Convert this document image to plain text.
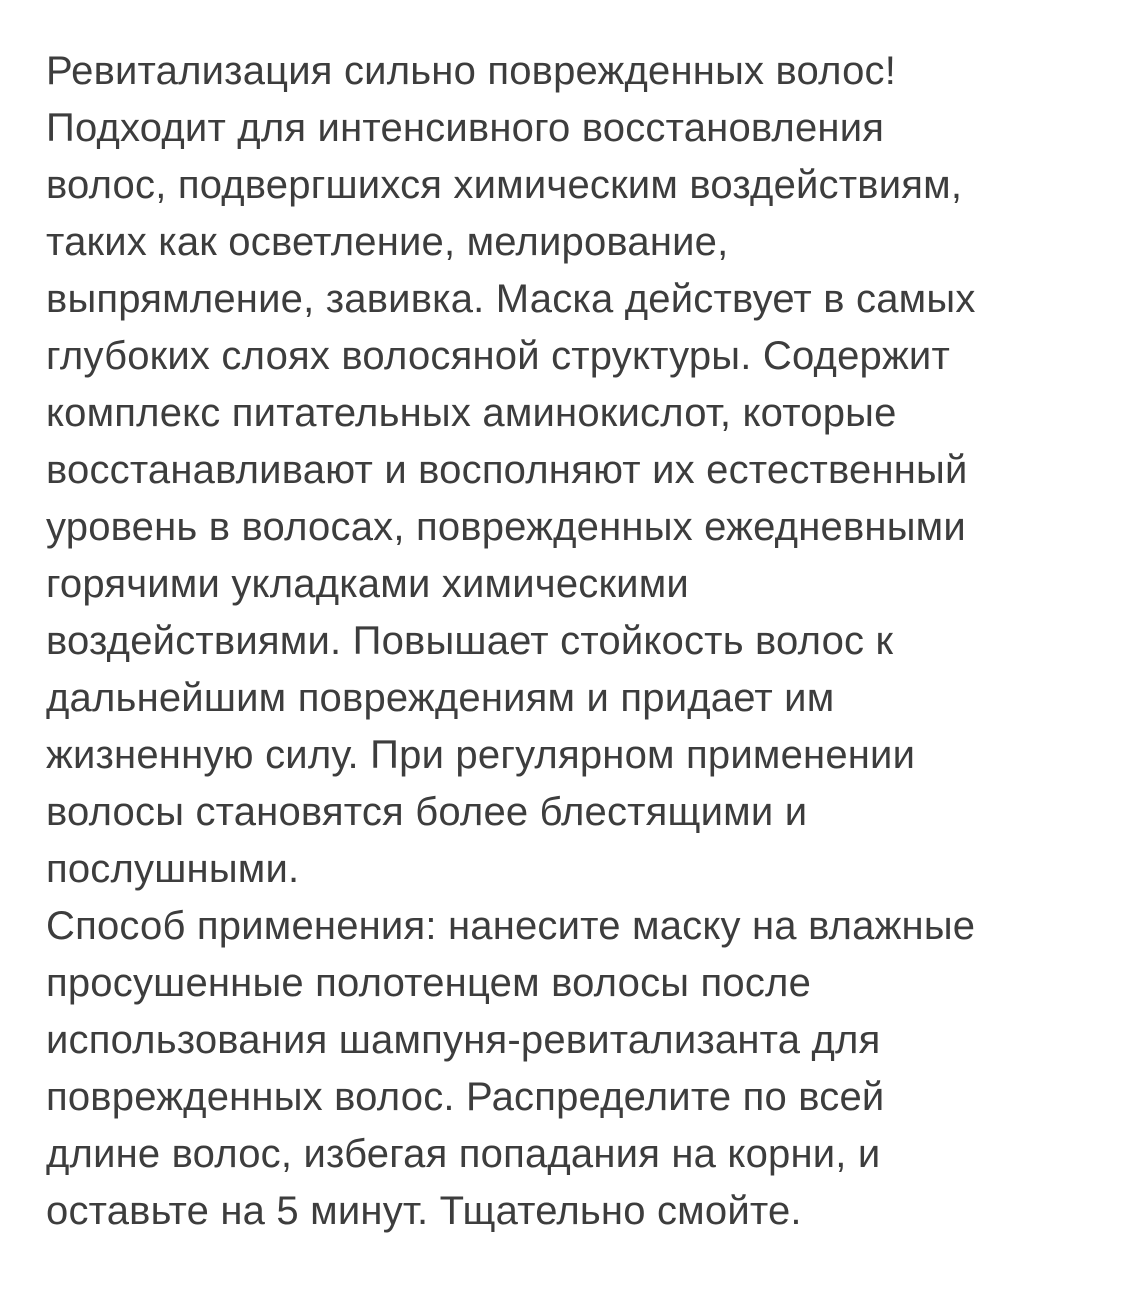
Ревитализация сильно поврежденных волос!
Подходит для интенсивного восстановления
волос, подвергшихся химическим воздействиям,
таких как осветление, мелирование,
выпрямление, завивка. Маска действует в самых
глубоких слоях волосяной структуры. Содержит
комплекс питательных аминокислот, которые
восстанавливают и восполняют их естественный
уровень в волосах, поврежденных ежедневными
горячими укладками химическими
воздействиями. Повышает стойкость волос к
дальнейшим повреждениям и придает им
жизненную силу. При регулярном применении
волосы становятся более блестящими и
послушными.
Способ применения: нанесите маску на влажные
просушенные полотенцем волосы после
использования шампуня-ревитализанта для
поврежденных волос. Распределите по всей
длине волос, избегая попадания на корни, и
оставьте на 5 минут. Тщательно смойте.
